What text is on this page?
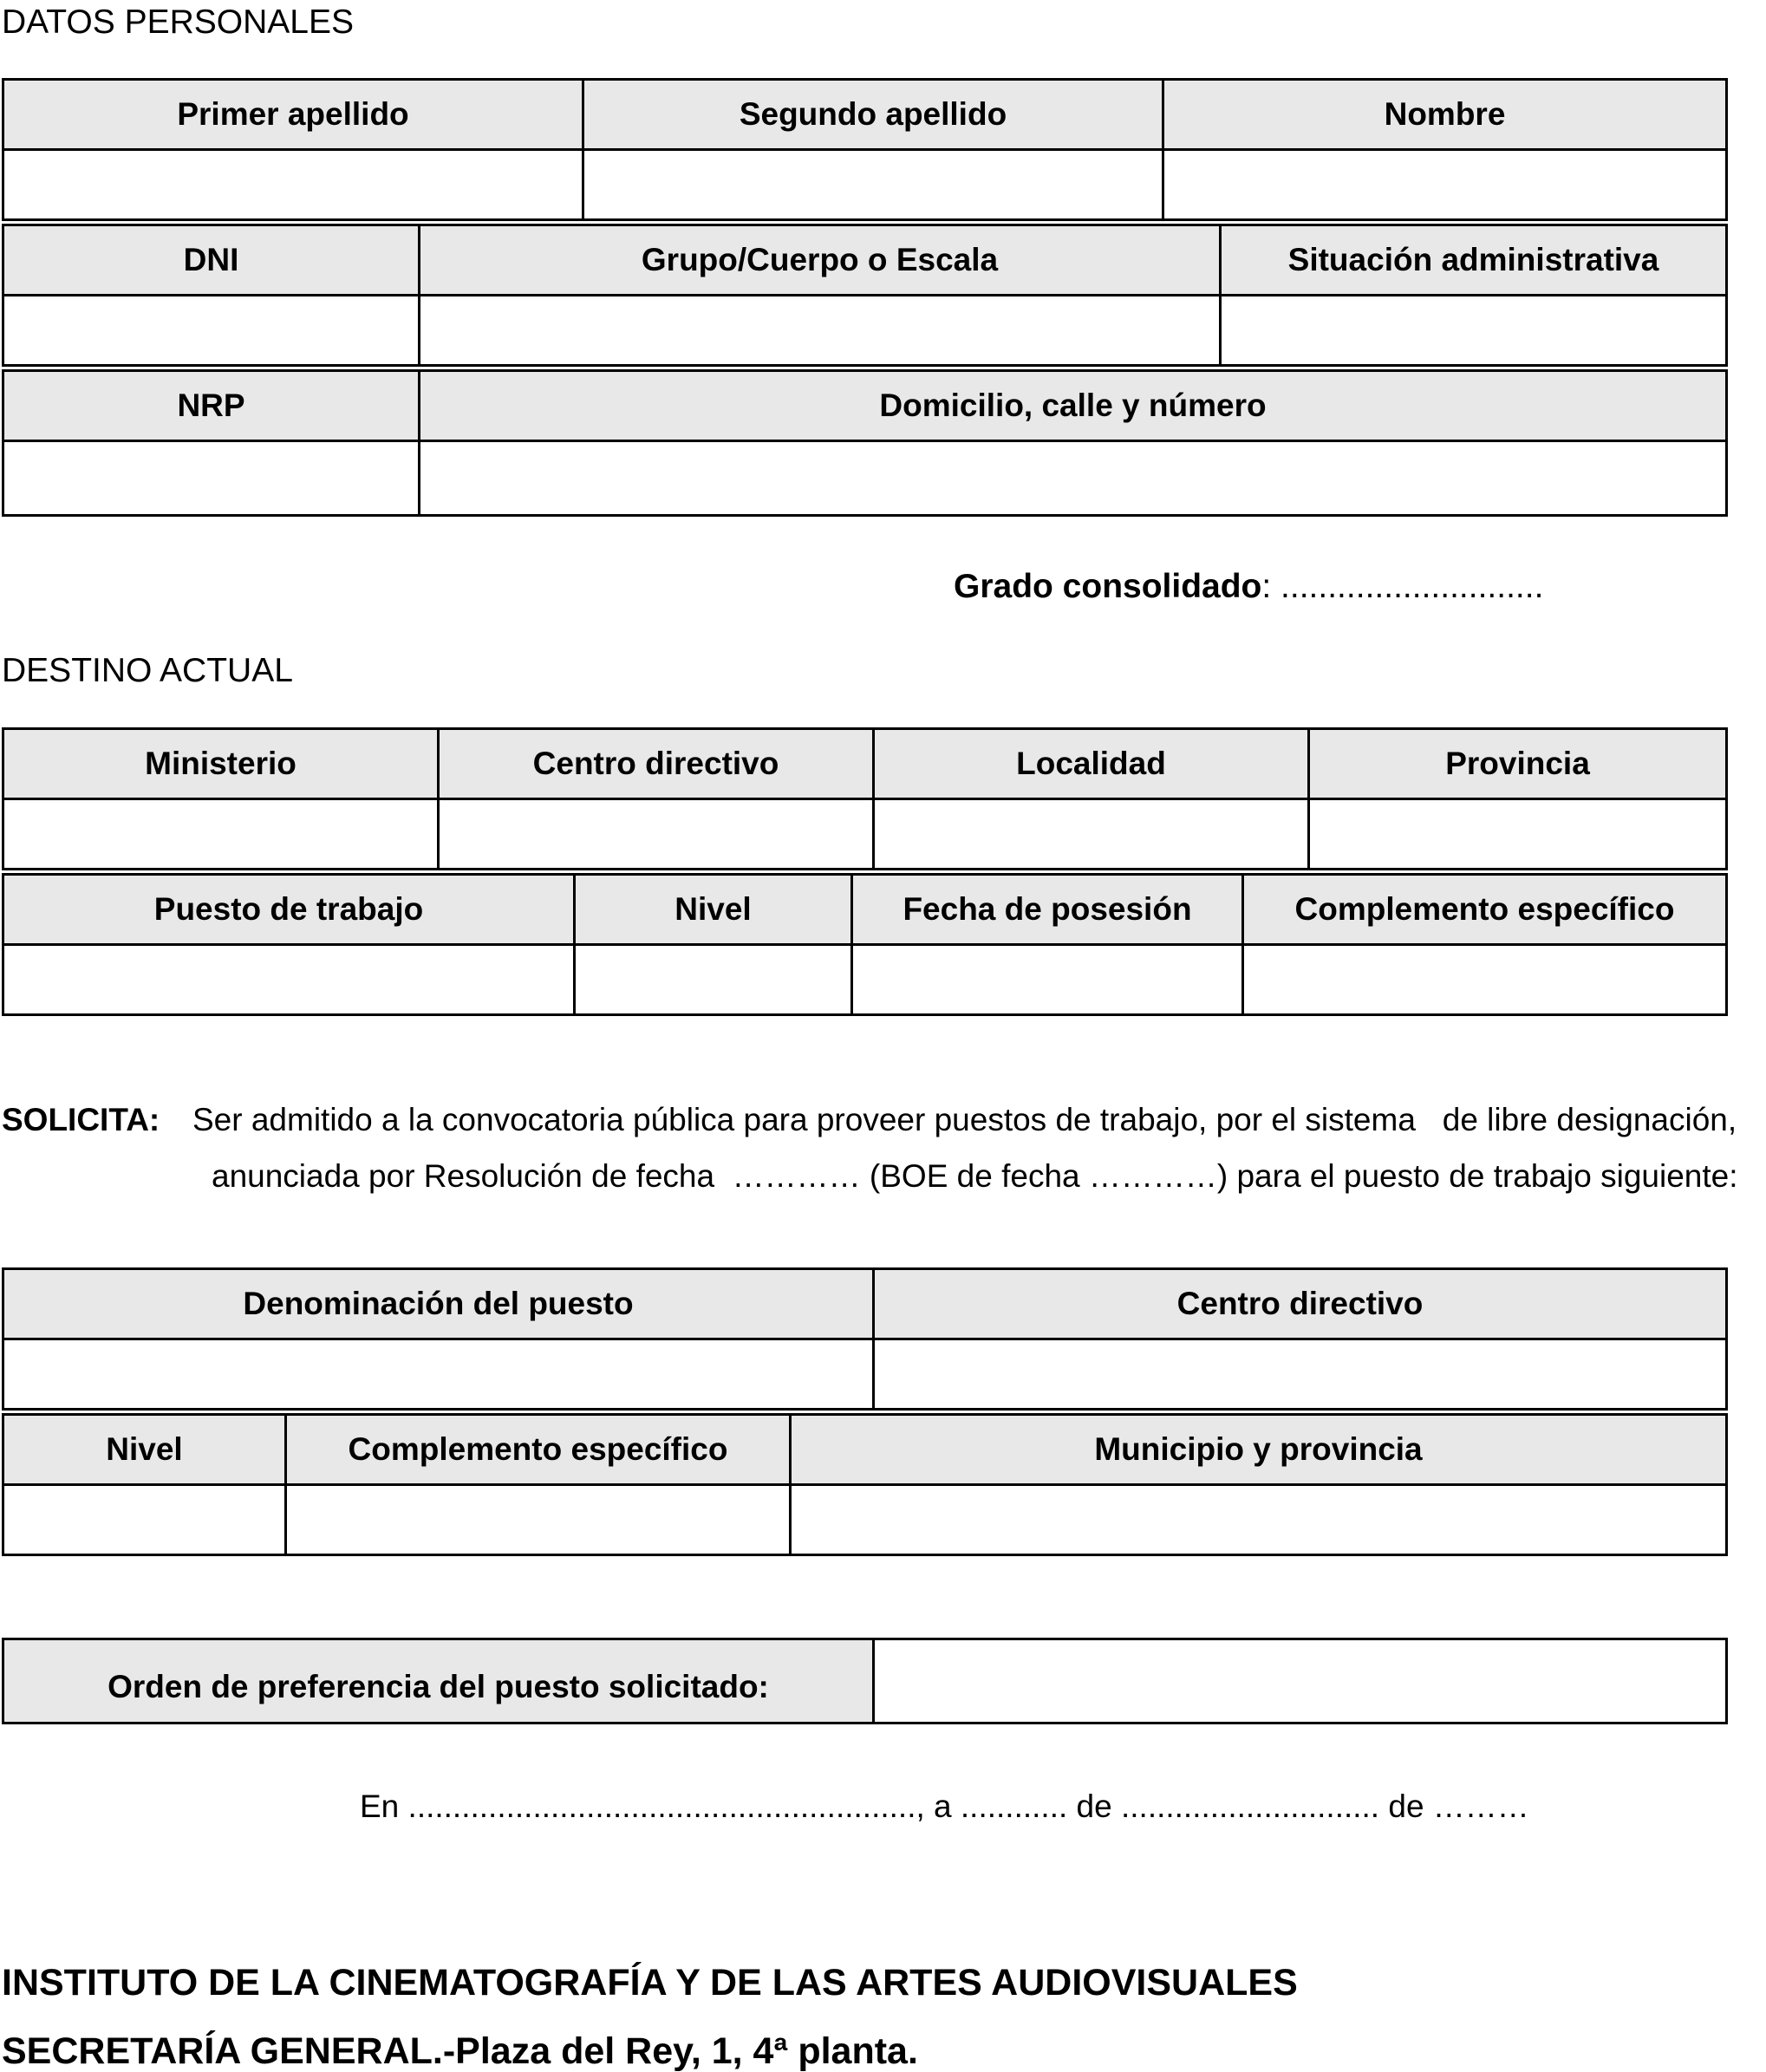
DATOS PERSONALES
Primer apellido	Segundo apellido	Nombre

DNI	Grupo/Cuerpo o Escala	Situación administrativa

NRP	Domicilio, calle y número

Grado consolidado: ............................
DESTINO ACTUAL
Ministerio	Centro directivo	Localidad	Provincia

Puesto de trabajo	Nivel	Fecha de posesión	Complemento específico

SOLICITA: Ser admitido a la convocatoria pública para proveer puestos de trabajo, por el sistema   de libre designación,
anunciada por Resolución de fecha  ………… (BOE de fecha …………) para el puesto de trabajo siguiente:
Denominación del puesto	Centro directivo

Nivel	Complemento específico	Municipio y provincia

Orden de preferencia del puesto solicitado:	
En ........................................................., a ............ de ............................. de ………
INSTITUTO DE LA CINEMATOGRAFÍA Y DE LAS ARTES AUDIOVISUALES
SECRETARÍA GENERAL.-Plaza del Rey, 1, 4ª planta.
